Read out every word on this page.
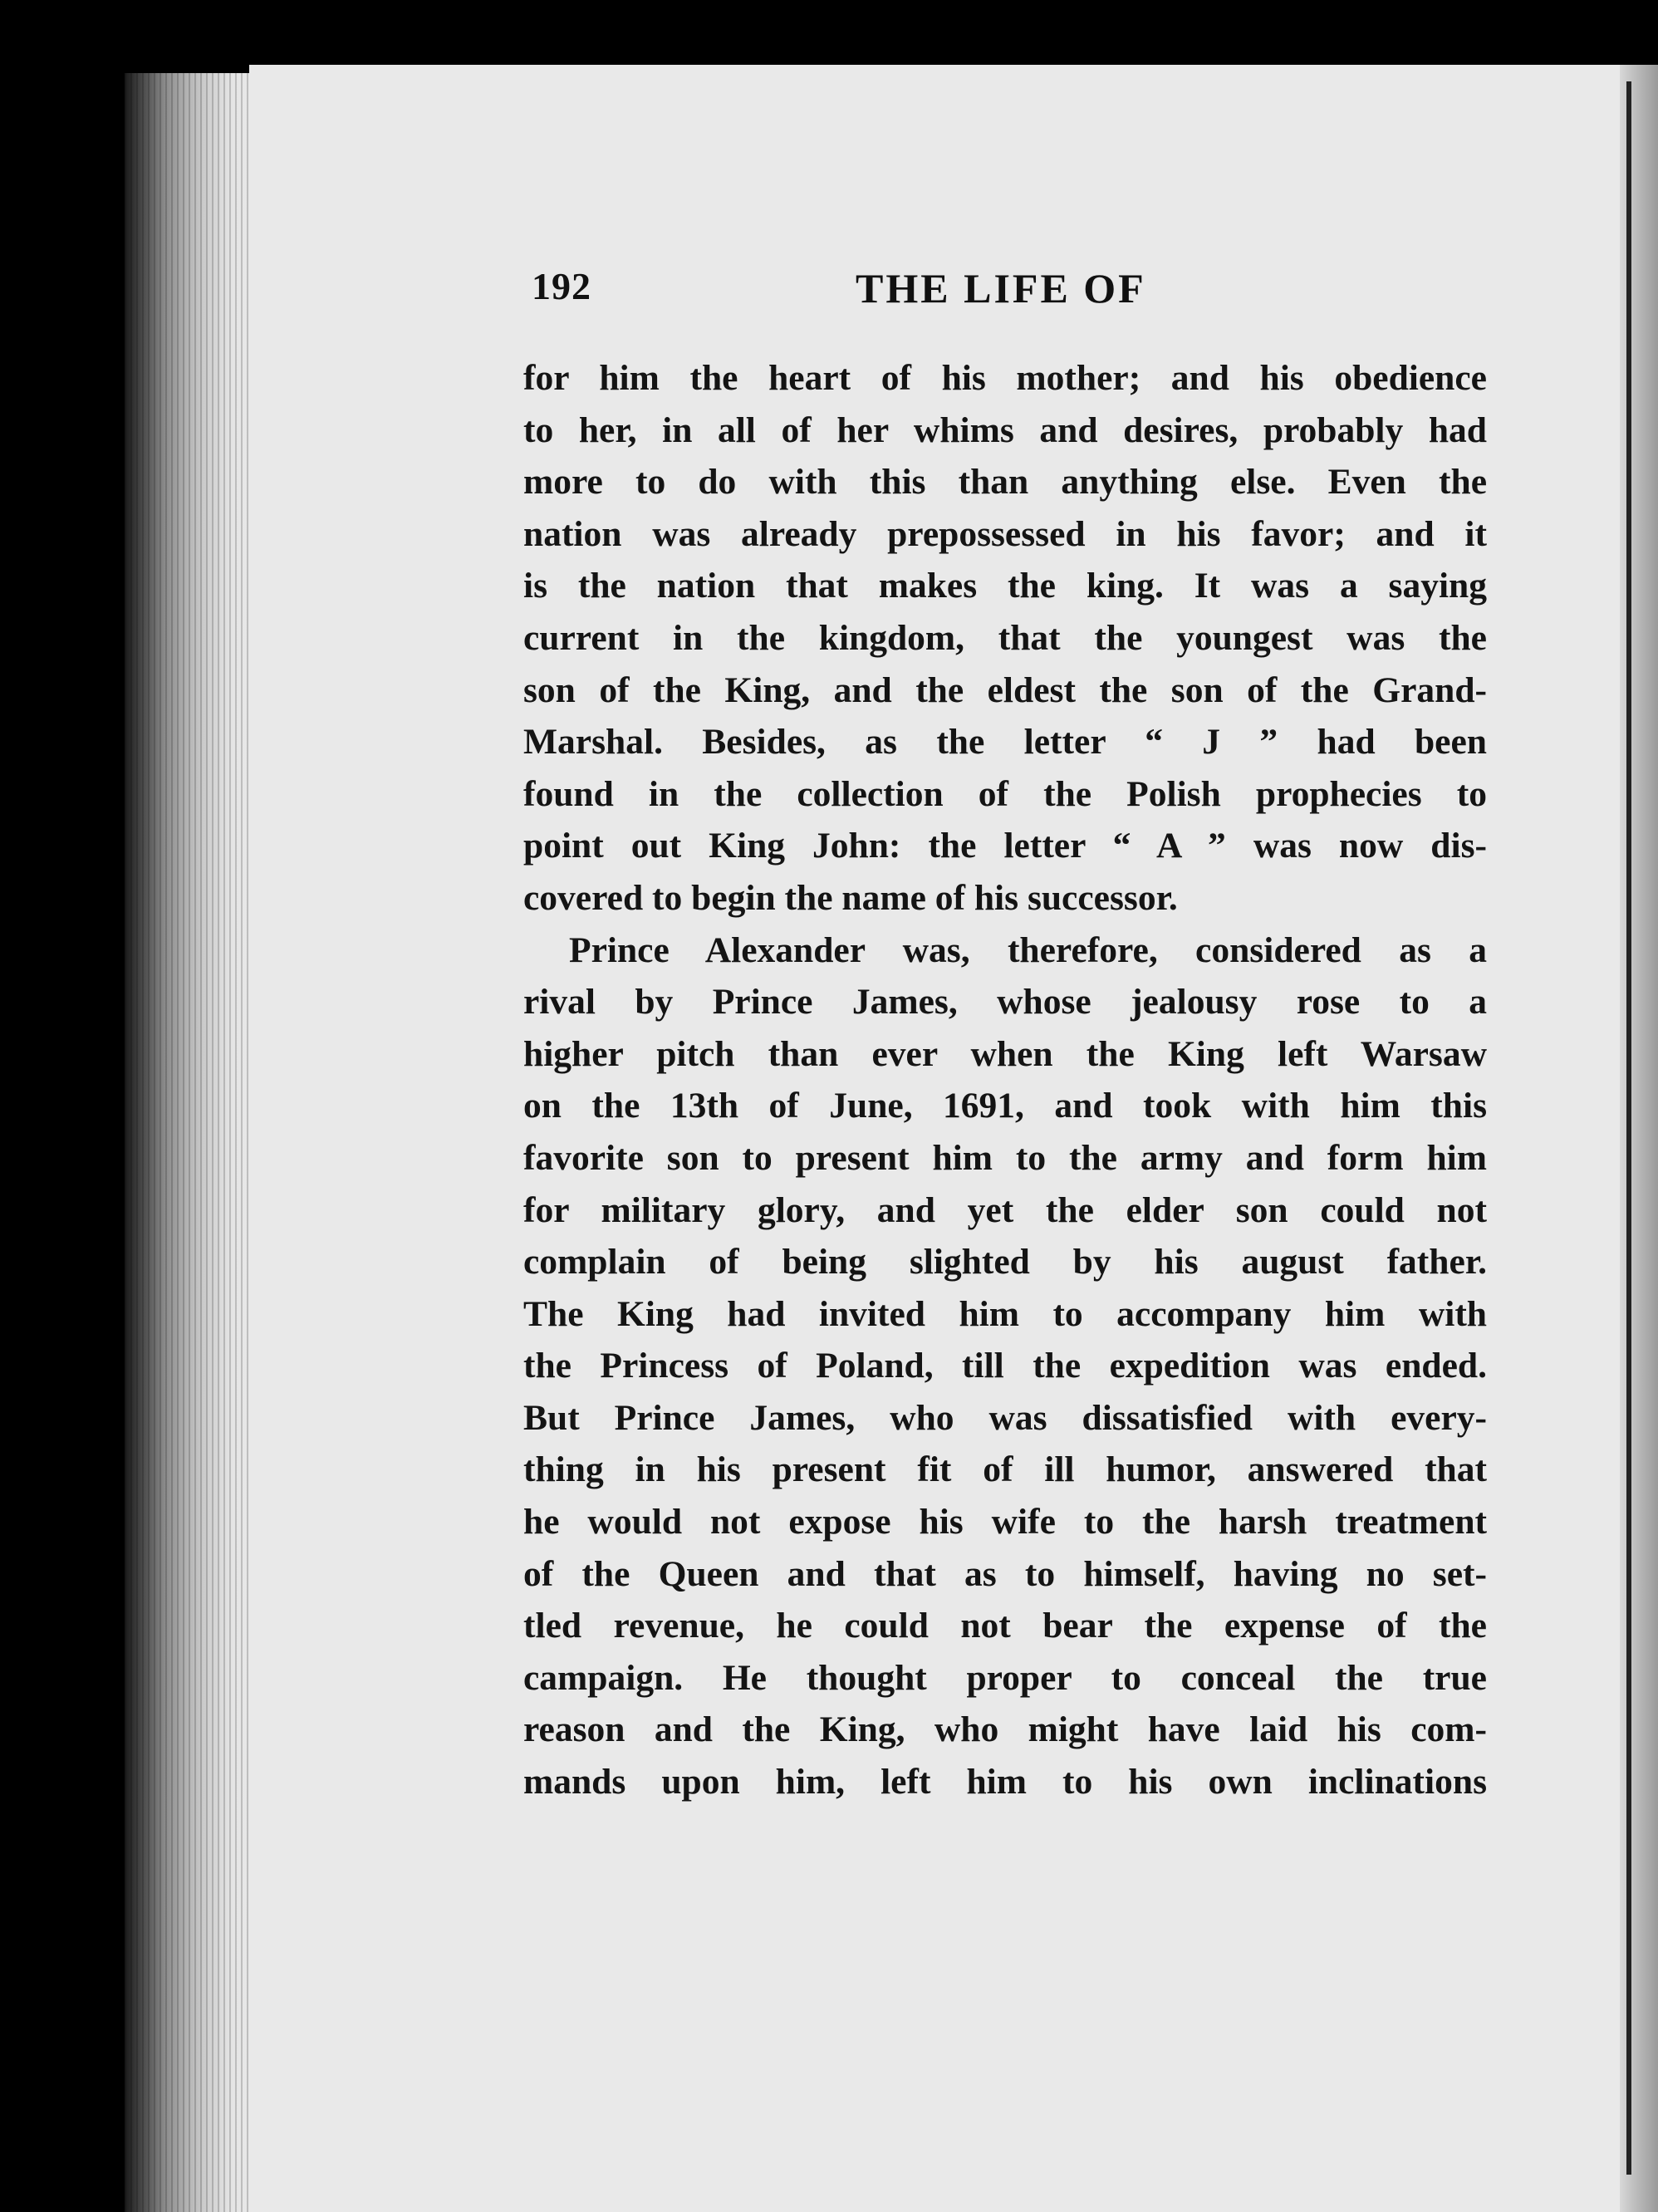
192	THE LIFE OF
for him the heart of his mother; and his obedience
to her, in all of her whims and desires, probably had
more to do with this than anything else. Even the
nation was already prepossessed in his favor; and it
is the nation that makes the king. It was a saying
current in the kingdom, that the youngest was the
son of the King, and the eldest the son of the Grand-
Marshal. Besides, as the letter “ J ” had been
found in the collection of the Polish prophecies to
point out King John: the letter “ A ” was now dis-
covered to begin the name of his successor.
Prince Alexander was, therefore, considered as a
rival by Prince James, whose jealousy rose to a
higher pitch than ever when the King left Warsaw
on the 13th of June, 1691, and took with him this
favorite son to present him to the army and form him
for military glory, and yet the elder son could not
complain of being slighted by his august father.
The King had invited him to accompany him with
the Princess of Poland, till the expedition was ended.
But Prince James, who was dissatisfied with every-
thing in his present fit of ill humor, answered that
he would not expose his wife to the harsh treatment
of the Queen and that as to himself, having no set-
tled revenue, he could not bear the expense of the
campaign. He thought proper to conceal the true
reason and the King, who might have laid his com-
mands upon him, left him to his own inclinations
